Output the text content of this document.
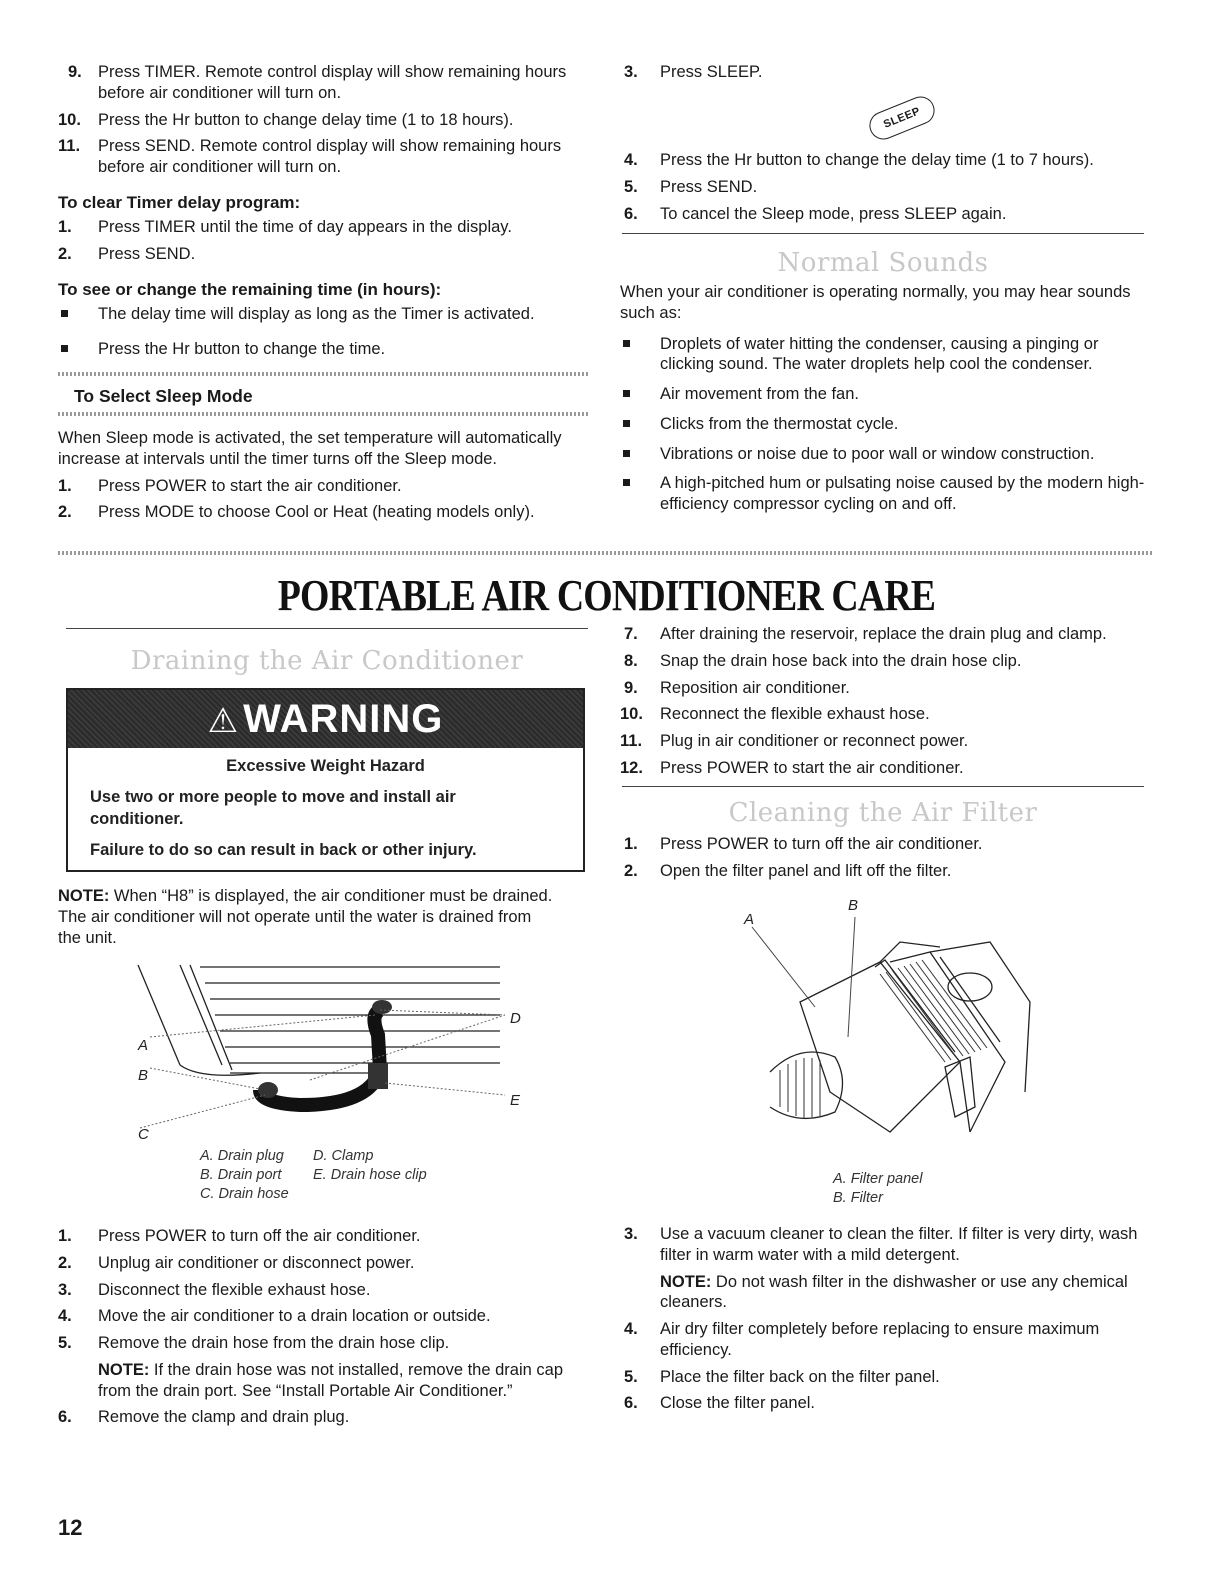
9. Press TIMER. Remote control display will show remaining hours before air conditioner will turn on.
10. Press the Hr button to change delay time (1 to 18 hours).
11. Press SEND. Remote control display will show remaining hours before air conditioner will turn on.
To clear Timer delay program:
1. Press TIMER until the time of day appears in the display.
2. Press SEND.
To see or change the remaining time (in hours):
The delay time will display as long as the Timer is activated.
Press the Hr button to change the time.
To Select Sleep Mode

When Sleep mode is activated, the set temperature will automatically increase at intervals until the timer turns off the Sleep mode.

1. Press POWER to start the air conditioner.
2. Press MODE to choose Cool or Heat (heating models only).
3. Press SLEEP.
SLEEP
4. Press the Hr button to change the delay time (1 to 7 hours).
5. Press SEND.
6. To cancel the Sleep mode, press SLEEP again.
Normal Sounds

When your air conditioner is operating normally, you may hear sounds such as:

Droplets of water hitting the condenser, causing a pinging or clicking sound. The water droplets help cool the condenser.
Air movement from the fan.
Clicks from the thermostat cycle.
Vibrations or noise due to poor wall or window construction.
A high-pitched hum or pulsating noise caused by the modern high-efficiency compressor cycling on and off.
PORTABLE AIR CONDITIONER CARE
Draining the Air Conditioner
⚠ WARNING
Excessive Weight Hazard

Use two or more people to move and install air conditioner.

Failure to do so can result in back or other injury.

NOTE: When “H8” is displayed, the air conditioner must be drained. The air conditioner will not operate until the water is drained from the unit.

A
B
C
D
E
A. Drain plug
B. Drain port
C. Drain hose
D. Clamp
E. Drain hose clip
1. Press POWER to turn off the air conditioner.
2. Unplug air conditioner or disconnect power.
3. Disconnect the flexible exhaust hose.
4. Move the air conditioner to a drain location or outside.
5. Remove the drain hose from the drain hose clip.
NOTE: If the drain hose was not installed, remove the drain cap from the drain port. See “Install Portable Air Conditioner.”
6. Remove the clamp and drain plug.
7. After draining the reservoir, replace the drain plug and clamp.
8. Snap the drain hose back into the drain hose clip.
9. Reposition air conditioner.
10. Reconnect the flexible exhaust hose.
11. Plug in air conditioner or reconnect power.
12. Press POWER to start the air conditioner.
Cleaning the Air Filter
1. Press POWER to turn off the air conditioner.
2. Open the filter panel and lift off the filter.
A
B
A. Filter panel
B. Filter
3. Use a vacuum cleaner to clean the filter. If filter is very dirty, wash filter in warm water with a mild detergent.
NOTE: Do not wash filter in the dishwasher or use any chemical cleaners.
4. Air dry filter completely before replacing to ensure maximum efficiency.
5. Place the filter back on the filter panel.
6. Close the filter panel.
12
